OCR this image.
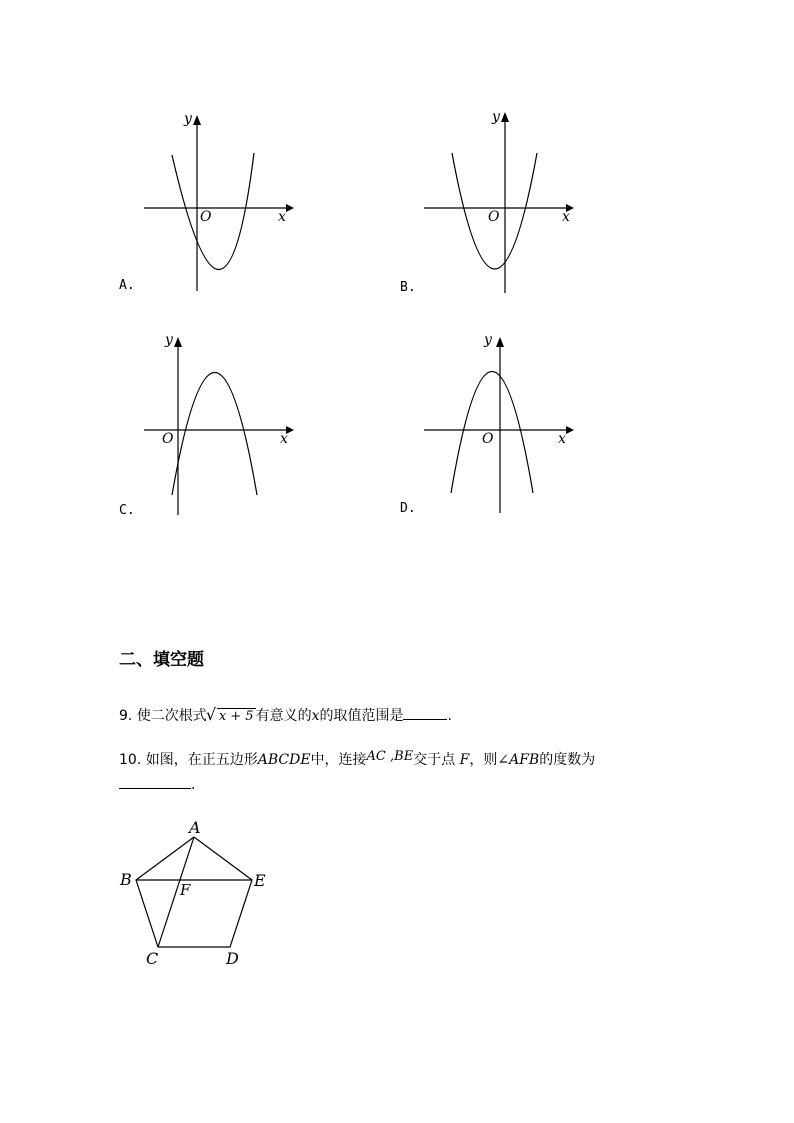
y
x
O
A.
y
x
O
B.
y
x
O
C.
y
x
O
D.
二、填空题
9. 使二次根式 √ x + 5 有意义的x的取值范围是	.
10. 如图，在正五边形ABCDE中，连接AC ,BE交于点 F，则∠AFB的度数为
.
A
B
C	D
E
F
